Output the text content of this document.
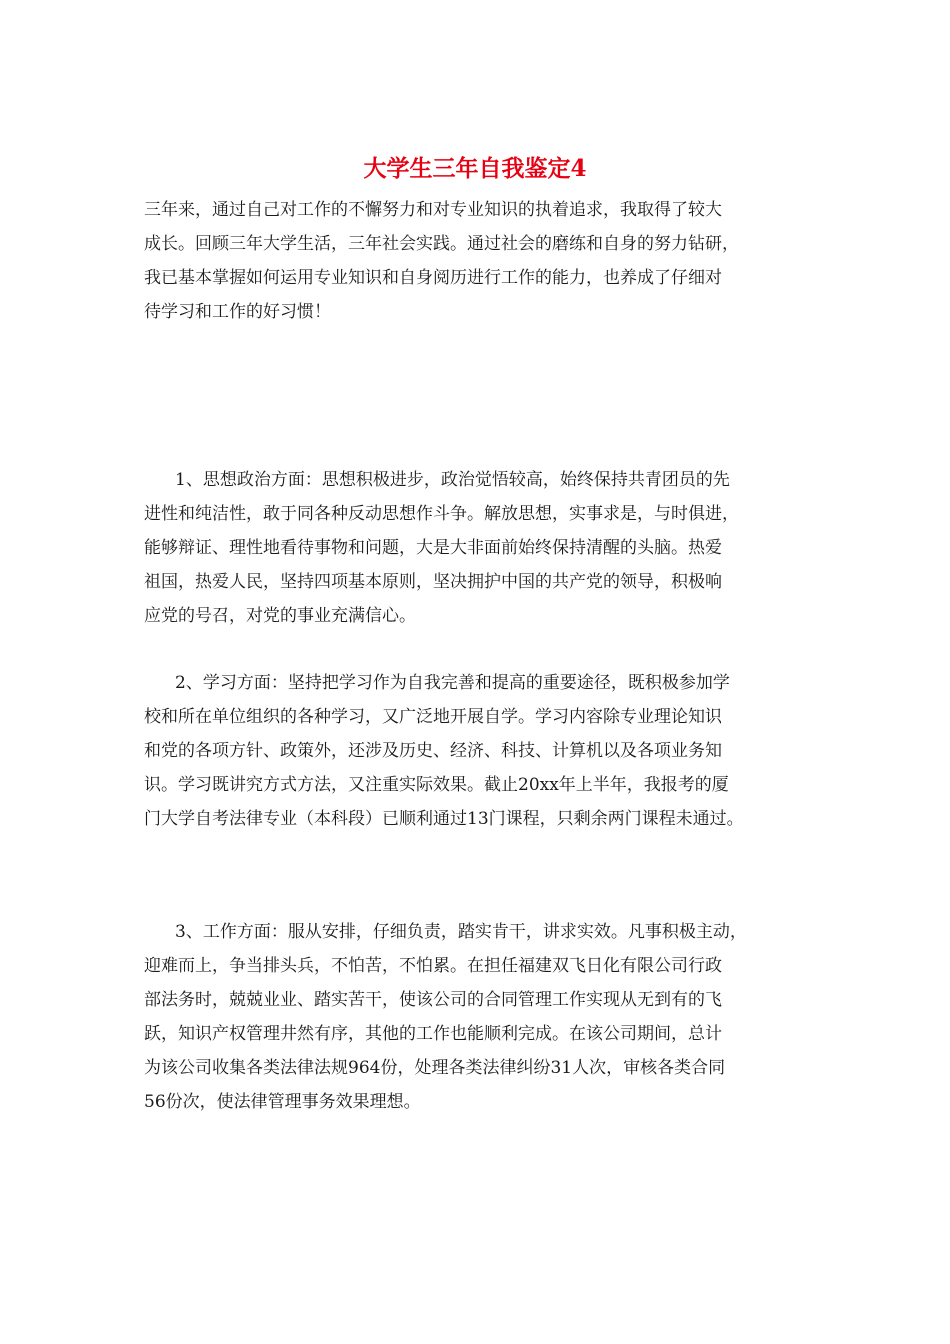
大学生三年自我鉴定4
三年来，通过自己对工作的不懈努力和对专业知识的执着追求，我取得了较大
成长。回顾三年大学生活，三年社会实践。通过社会的磨练和自身的努力钻研，
我已基本掌握如何运用专业知识和自身阅历进行工作的能力，也养成了仔细对
待学习和工作的好习惯！
1、思想政治方面：思想积极进步，政治觉悟较高，始终保持共青团员的先
进性和纯洁性，敢于同各种反动思想作斗争。解放思想，实事求是，与时俱进，
能够辩证、理性地看待事物和问题，大是大非面前始终保持清醒的头脑。热爱
祖国，热爱人民，坚持四项基本原则，坚决拥护中国的共产党的领导，积极响
应党的号召，对党的事业充满信心。
2、学习方面：坚持把学习作为自我完善和提高的重要途径，既积极参加学
校和所在单位组织的各种学习，又广泛地开展自学。学习内容除专业理论知识
和党的各项方针、政策外，还涉及历史、经济、科技、计算机以及各项业务知
识。学习既讲究方式方法，又注重实际效果。截止20xx年上半年，我报考的厦
门大学自考法律专业（本科段）已顺利通过13门课程，只剩余两门课程未通过。
3、工作方面：服从安排，仔细负责，踏实肯干，讲求实效。凡事积极主动，
迎难而上，争当排头兵，不怕苦，不怕累。在担任福建双飞日化有限公司行政
部法务时，兢兢业业、踏实苦干，使该公司的合同管理工作实现从无到有的飞
跃，知识产权管理井然有序，其他的工作也能顺利完成。在该公司期间，总计
为该公司收集各类法律法规964份，处理各类法律纠纷31人次，审核各类合同
56份次，使法律管理事务效果理想。
